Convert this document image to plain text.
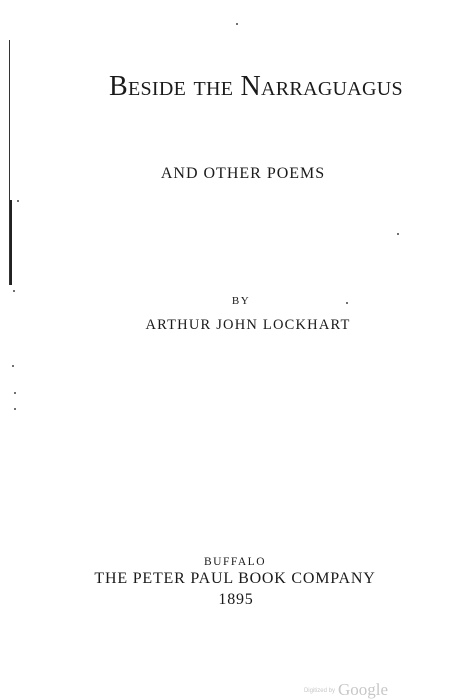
Beside the Narraguagus
AND OTHER POEMS
BY
ARTHUR JOHN LOCKHART
BUFFALO
THE PETER PAUL BOOK COMPANY
1895
Digitized by Google
